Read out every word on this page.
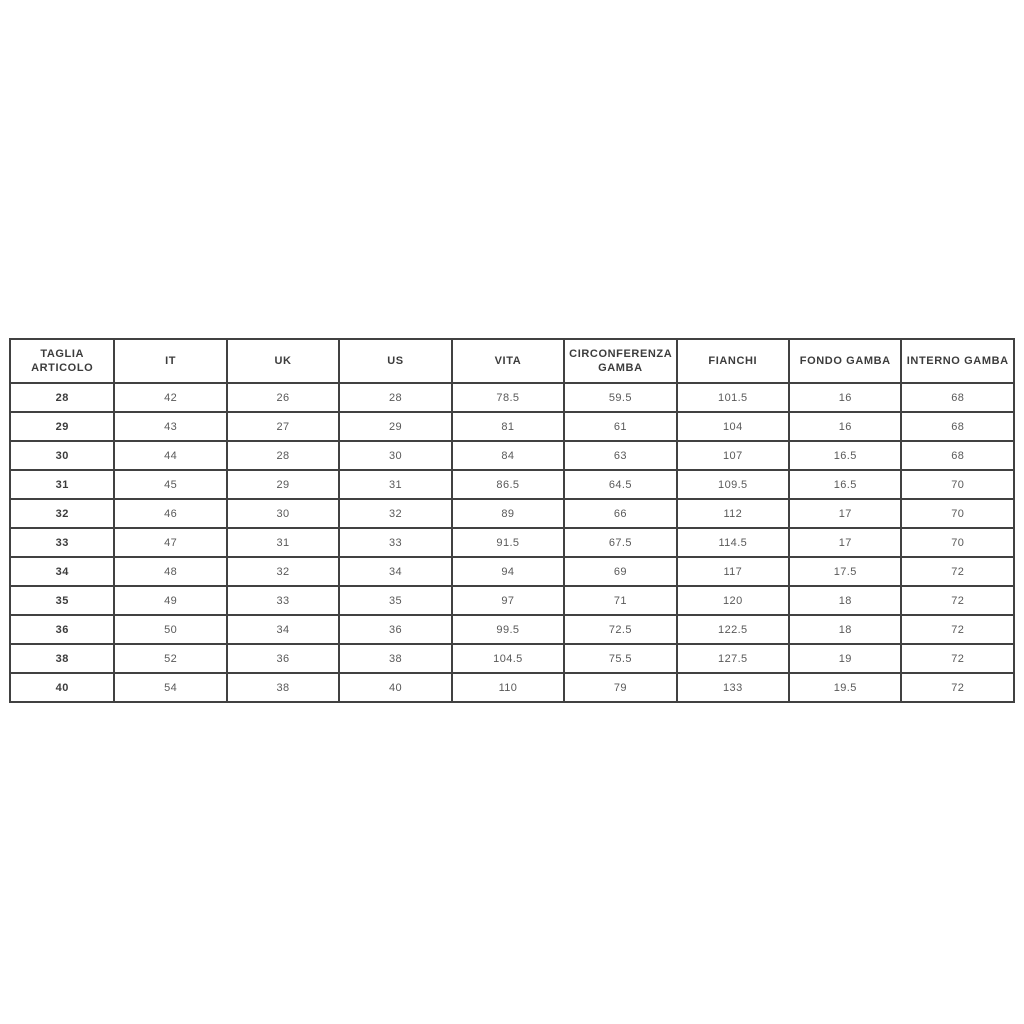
TAGLIA ARTICOLO	IT	UK	US	VITA	CIRCONFERENZA GAMBA	FIANCHI	FONDO GAMBA	INTERNO GAMBA
28	42	26	28	78.5	59.5	101.5	16	68
29	43	27	29	81	61	104	16	68
30	44	28	30	84	63	107	16.5	68
31	45	29	31	86.5	64.5	109.5	16.5	70
32	46	30	32	89	66	112	17	70
33	47	31	33	91.5	67.5	114.5	17	70
34	48	32	34	94	69	117	17.5	72
35	49	33	35	97	71	120	18	72
36	50	34	36	99.5	72.5	122.5	18	72
38	52	36	38	104.5	75.5	127.5	19	72
40	54	38	40	110	79	133	19.5	72
